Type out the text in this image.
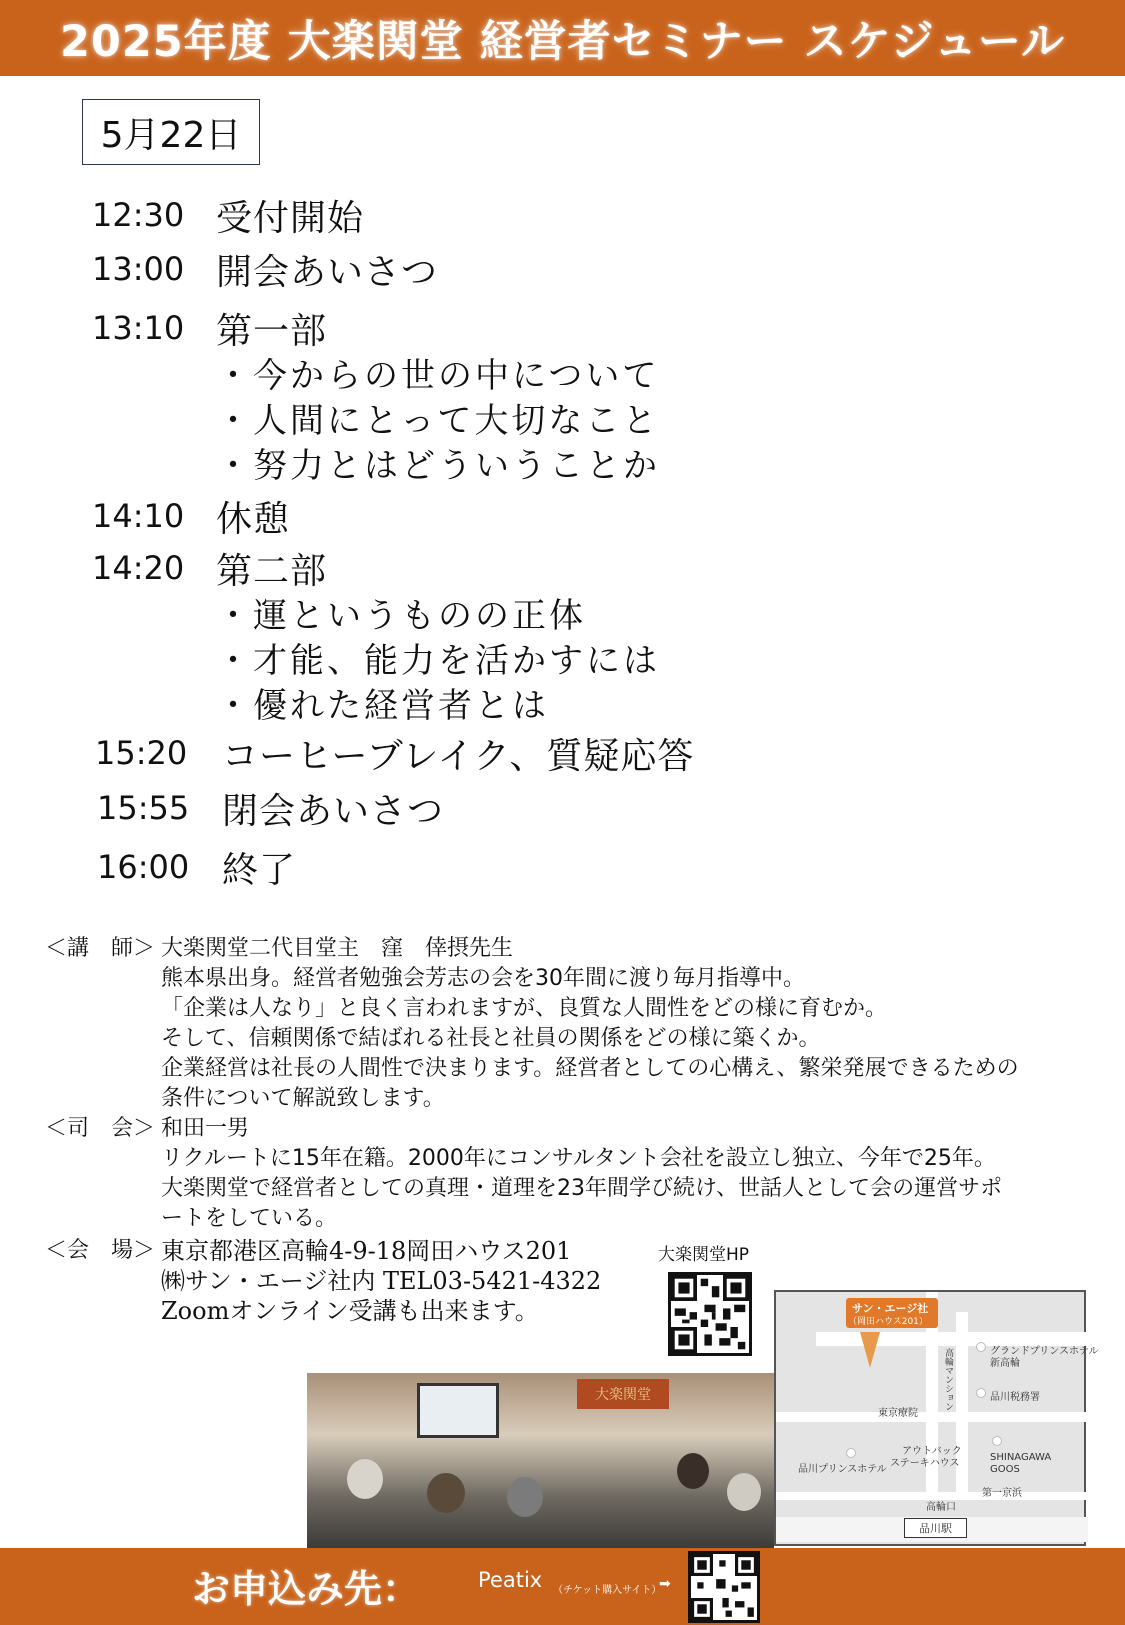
2025年度 大楽関堂 経営者セミナー スケジュール
5月22日
12:30 受付開始
13:00 開会あいさつ
13:10 第一部
・今からの世の中について
・人間にとって大切なこと
・努力とはどういうことか
14:10 休憩
14:20 第二部
・運というものの正体
・才能、能力を活かすには
・優れた経営者とは
15:20 コーヒーブレイク、質疑応答
15:55 閉会あいさつ
16:00 終了
＜講　師＞ 大楽関堂二代目堂主　窪　倖摂先生
熊本県出身。経営者勉強会芳志の会を30年間に渡り毎月指導中。
「企業は人なり」と良く言われますが、良質な人間性をどの様に育むか。
そして、信頼関係で結ばれる社長と社員の関係をどの様に築くか。
企業経営は社長の人間性で決まります。経営者としての心構え、繁栄発展できるための
条件について解説致します。
＜司　会＞ 和田一男
リクルートに15年在籍。2000年にコンサルタント会社を設立し独立、今年で25年。
大楽関堂で経営者としての真理・道理を23年間学び続け、世話人として会の運営サポ
ートをしている。
＜会　場＞ 東京都港区高輪4-9-18岡田ハウス201
㈱サン・エージ社内 TEL03-5421-4322
Zoomオンライン受講も出来ます。
大楽関堂HP
サン・エージ社
（岡田ハウス201）
グランドプリンスホテル
新高輪
品川税務署
高輪マンション
東京療院
アウトバック
ステーキハウス
品川プリンスホテル
SHINAGAWA
GOOS
第一京浜
高輪口
品川駅
大楽関堂
お申込み先：	Peatix （チケット購入サイト）
➡
